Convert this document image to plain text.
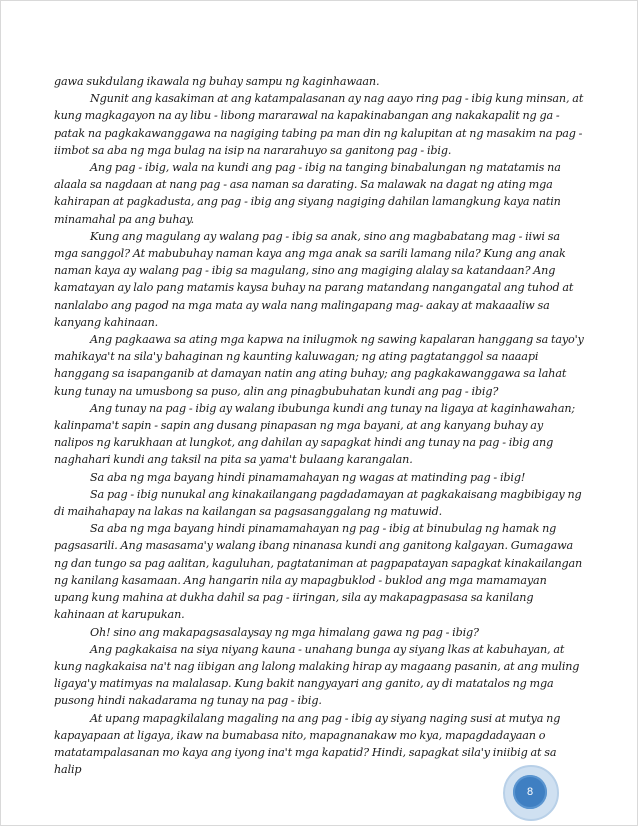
gawa sukdulang ikawala ng buhay sampu ng kaginhawaan.

Ngunit ang kasakiman at ang katampalasanan ay nag aayo ring pag - ibig kung minsan, at kung magkagayon na ay libu - libong mararawal na kapakinabangan ang nakakapalit ng ga - patak na pagkakawanggawa na nagiging tabing pa man din ng kalupitan at ng masakim na pag - iimbot sa aba ng mga bulag na isip na nararahuyo sa ganitong pag - ibig.

Ang pag - ibig, wala na kundi ang pag - ibig na tanging binabalungan ng matatamis na alaala sa nagdaan at nang pag - asa naman sa darating. Sa malawak na dagat ng ating mga kahirapan at pagkadusta, ang pag - ibig ang siyang nagiging dahilan lamangkung kaya natin minamahal pa ang buhay.

Kung ang magulang ay walang pag - ibig sa anak, sino ang magbabatang mag - iiwi sa mga sanggol? At mabubuhay naman kaya ang mga anak sa sarili lamang nila? Kung ang anak naman kaya ay walang pag - ibig sa magulang, sino ang magiging alalay sa katandaan? Ang kamatayan ay lalo pang matamis kaysa buhay na parang matandang nangangatal ang tuhod at nanlalabo ang pagod na mga mata ay wala nang malingapang mag- aakay at makaaaliw sa kanyang kahinaan.

Ang pagkaawa sa ating mga kapwa na inilugmok ng sawing kapalaran hanggang sa tayo'y mahikaya't na sila'y bahaginan ng kaunting kaluwagan; ng ating pagtatanggol sa naaapi hanggang sa isapanganib at damayan natin ang ating buhay; ang pagkakawanggawa sa lahat kung tunay na umusbong sa puso, alin ang pinagbubuhatan kundi ang pag - ibig?

Ang tunay na pag - ibig ay walang ibubunga kundi ang tunay na ligaya at kaginhawahan; kalinpama't sapin - sapin ang dusang pinapasan ng mga bayani, at ang kanyang buhay ay nalipos ng karukhaan at lungkot, ang dahilan ay sapagkat hindi ang tunay na pag - ibig ang naghahari kundi ang taksil na pita sa yama't bulaang karangalan.

Sa aba ng mga bayang hindi pinamamahayan ng wagas at matinding pag - ibig!

Sa pag - ibig nunukal ang kinakailangang pagdadamayan at pagkakaisang magbibigay ng di maihahapay na lakas na kailangan sa pagsasanggalang ng matuwid.

Sa aba ng mga bayang hindi pinamamahayan ng pag - ibig at binubulag ng hamak ng pagsasarili. Ang masasama'y walang ibang ninanasa kundi ang ganitong kalgayan. Gumagawa ng dan tungo sa pag aalitan, kaguluhan, pagtataniman at pagpapatayan sapagkat kinakailangan ng kanilang kasamaan. Ang hangarin nila ay mapagbuklod - buklod ang mga mamamayan upang kung mahina at dukha dahil sa pag - iiringan, sila ay makapagpasasa sa kanilang kahinaan at karupukan.

Oh! sino ang makapagsasalaysay ng mga himalang gawa ng pag - ibig?

Ang pagkakaisa na siya niyang kauna - unahang bunga ay siyang lkas at kabuhayan, at kung nagkakaisa na't nag iibigan ang lalong malaking hirap ay magaang pasanin, at ang muling ligaya'y matimyas na malalasap. Kung bakit nangyayari ang ganito, ay di matatalos ng mga pusong hindi nakadarama ng tunay na pag - ibig.

At upang mapagkilalang magaling na ang pag - ibig ay siyang naging susi at mutya ng kapayapaan at ligaya, ikaw na bumabasa nito, mapagnanakaw mo kya, mapagdadayaan o matatampalasanan mo kaya ang iyong ina't mga kapatid? Hindi, sapagkat sila'y iniibig at sa halip

8
